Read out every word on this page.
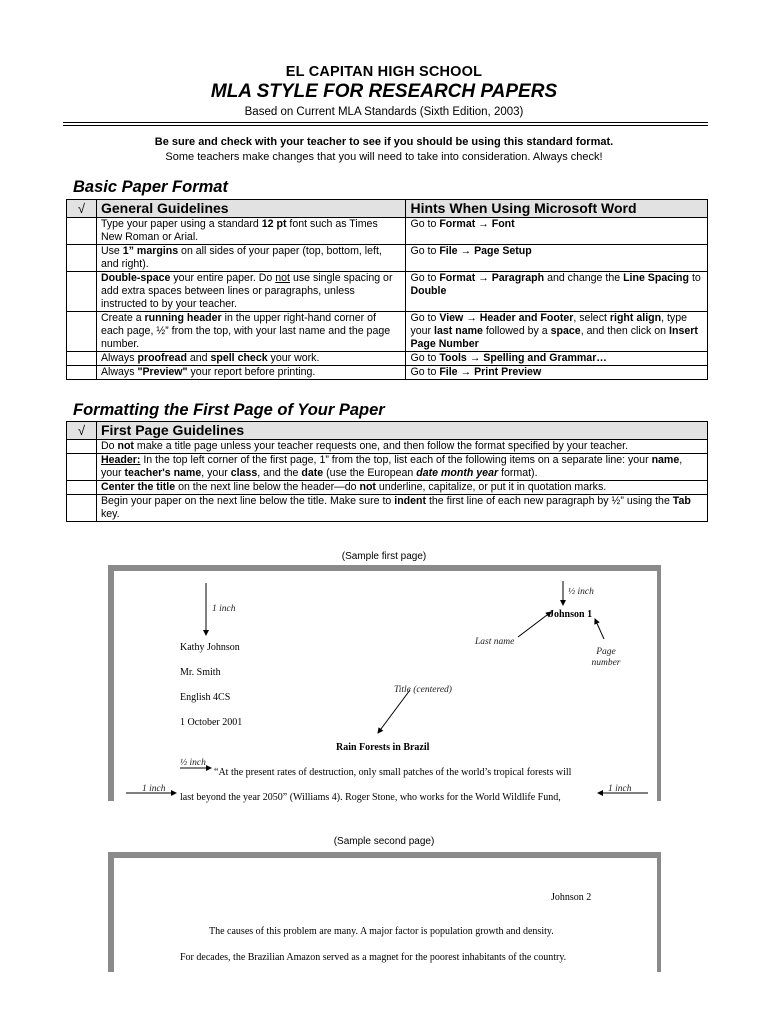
EL CAPITAN HIGH SCHOOL
MLA STYLE FOR RESEARCH PAPERS
Based on Current MLA Standards (Sixth Edition, 2003)
Be sure and check with your teacher to see if you should be using this standard format.
Some teachers make changes that you will need to take into consideration. Always check!
Basic Paper Format
√	General Guidelines	Hints When Using Microsoft Word
	Type your paper using a standard 12 pt font such as Times New Roman or Arial.	Go to Format → Font
	Use 1” margins on all sides of your paper (top, bottom, left, and right).	Go to File → Page Setup
	Double-space your entire paper. Do not use single spacing or add extra spaces between lines or paragraphs, unless instructed to by your teacher.	Go to Format → Paragraph and change the Line Spacing to Double
	Create a running header in the upper right-hand corner of each page, ½” from the top, with your last name and the page number.	Go to View → Header and Footer, select right align, type your last name followed by a space, and then click on Insert Page Number
	Always proofread and spell check your work.	Go to Tools → Spelling and Grammar…
	Always "Preview" your report before printing.	Go to File → Print Preview
Formatting the First Page of Your Paper
√	First Page Guidelines
	Do not make a title page unless your teacher requests one, and then follow the format specified by your teacher.
	Header: In the top left corner of the first page, 1” from the top, list each of the following items on a separate line: your name, your teacher's name, your class, and the date (use the European date month year format).
	Center the title on the next line below the header—do not underline, capitalize, or put it in quotation marks.
	Begin your paper on the next line below the title. Make sure to indent the first line of each new paragraph by ½” using the Tab key.
(Sample first page)
1 inch
½ inch
Johnson 1
Last name
Page number
Kathy Johnson
Mr. Smith
English 4CS
Title (centered)
1 October 2001
Rain Forests in Brazil
½ inch
“At the present rates of destruction, only small patches of the world’s tropical forests will
1 inch
last beyond the year 2050” (Williams 4). Roger Stone, who works for the World Wildlife Fund,
1 inch
(Sample second page)
Johnson 2
The causes of this problem are many. A major factor is population growth and density.
For decades, the Brazilian Amazon served as a magnet for the poorest inhabitants of the country.
